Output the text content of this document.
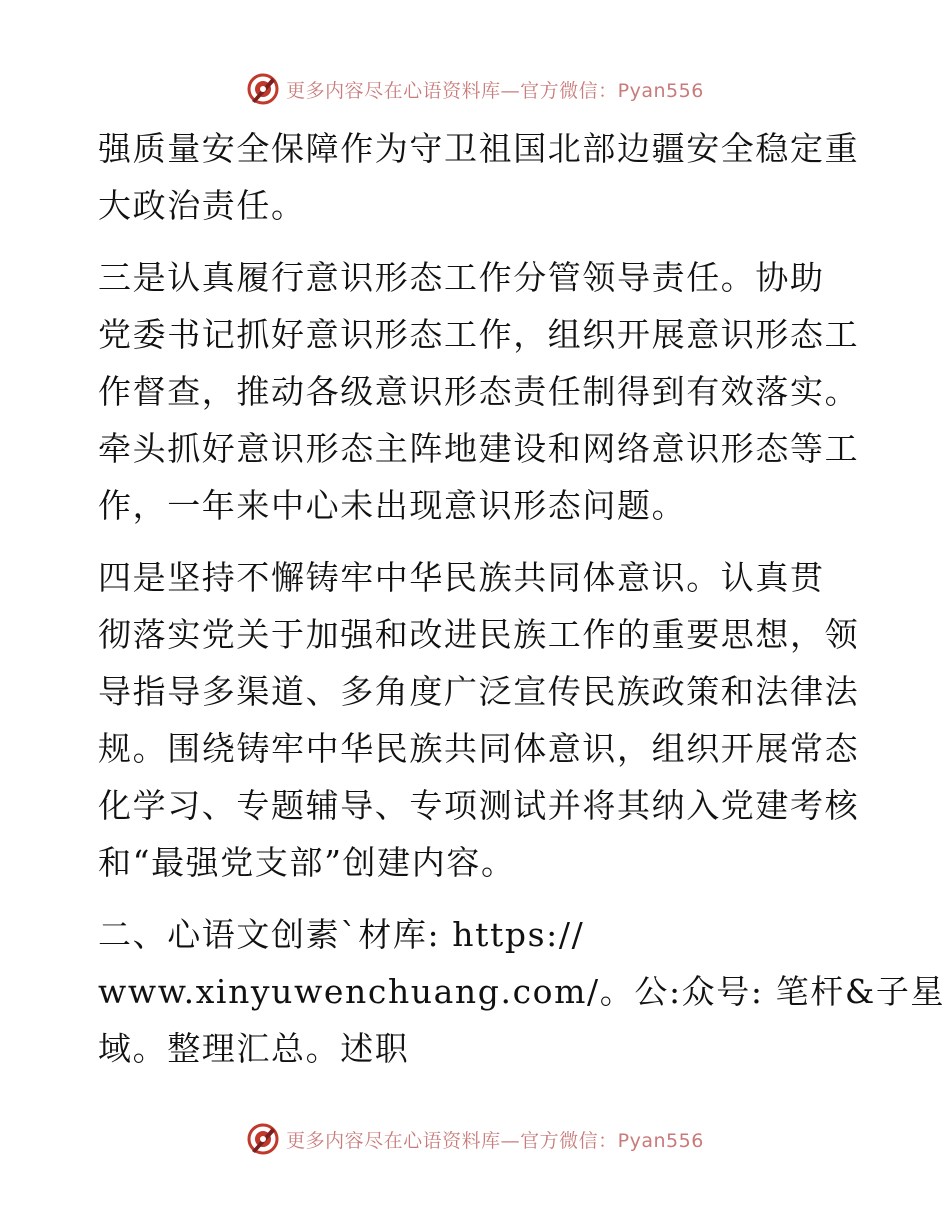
更多内容尽在心语资料库—官方微信：Pyan556
强质量安全保障作为守卫祖国北部边疆安全稳定重
大政治责任。
三是认真履行意识形态工作分管领导责任。协助
党委书记抓好意识形态工作，组织开展意识形态工
作督查，推动各级意识形态责任制得到有效落实。
牵头抓好意识形态主阵地建设和网络意识形态等工
作，一年来中心未出现意识形态问题。
四是坚持不懈铸牢中华民族共同体意识。认真贯
彻落实党关于加强和改进民族工作的重要思想，领
导指导多渠道、多角度广泛宣传民族政策和法律法
规。围绕铸牢中华民族共同体意识，组织开展常态
化学习、专题辅导、专项测试并将其纳入党建考核
和“最强党支部”创建内容。
二、心语文创素`材库: https://
www.xinyuwenchuang.com/。公:众号: 笔杆&子星
域。整理汇总。述职
更多内容尽在心语资料库—官方微信：Pyan556
